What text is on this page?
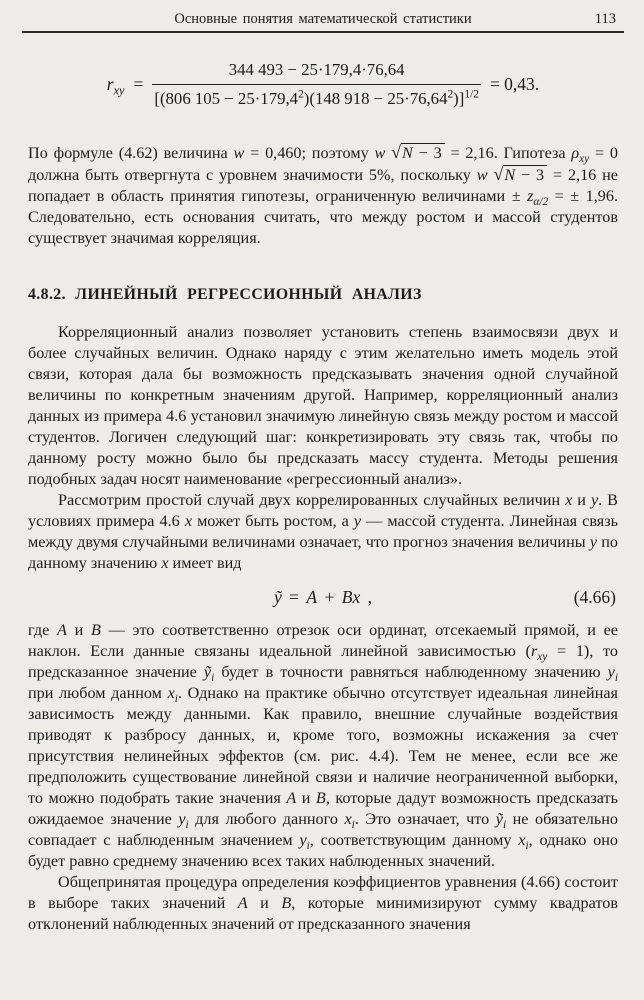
Основные понятия математической статистики	113
$r_{xy} = \frac{344 493 - 25\cdot 179,4\cdot 76,64}{[(806 105 - 25\cdot 179,4^2)(148 918 - 25\cdot 76,64^2)]^{1/2}} = 0,43$.

По формуле (4.62) величина w = 0,460; поэтому w √N − 3 = 2,16. Гипотеза $\rho_{xy} = 0$ должна быть отвергнута с уровнем значимости 5%, поскольку w √N − 3 = 2,16 не попадает в область принятия гипотезы, ограниченную величинами ± $z_{\alpha/2}$ = ± 1,96. Следовательно, есть основания считать, что между ростом и массой студентов существует значимая корреляция.

4.8.2. ЛИНЕЙНЫЙ РЕГРЕССИОННЫЙ АНАЛИЗ

Корреляционный анализ позволяет установить степень взаимосвязи двух и более случайных величин. Однако наряду с этим желательно иметь модель этой связи, которая дала бы возможность предсказывать значения одной случайной величины по конкретным значениям другой. Например, корреляционный анализ данных из примера 4.6 установил значимую линейную связь между ростом и массой студентов. Логичен следующий шаг: конкретизировать эту связь так, чтобы по данному росту можно было бы предсказать массу студента. Методы решения подобных задач носят наименование «регрессионный анализ».

Рассмотрим простой случай двух коррелированных случайных величин x и y. В условиях примера 4.6 x может быть ростом, а y — массой студента. Линейная связь между двумя случайными величинами означает, что прогноз значения величины y по данному значению x имеет вид

ỹ = A + Bx ,	(4.66)

где A и B — это соответственно отрезок оси ординат, отсекаемый прямой, и ее наклон. Если данные связаны идеальной линейной зависимостью $(r_{xy} = 1)$, то предсказанное значение ỹ$_i$ будет в точности равняться наблюденному значению $y_i$ при любом данном $x_i$. Однако на практике обычно отсутствует идеальная линейная зависимость между данными. Как правило, внешние случайные воздействия приводят к разбросу данных, и, кроме того, возможны искажения за счет присутствия нелинейных эффектов (см. рис. 4.4). Тем не менее, если все же предположить существование линейной связи и наличие неограниченной выборки, то можно подобрать такие значения A и B, которые дадут возможность предсказать ожидаемое значение $y_i$ для любого данного $x_i$. Это означает, что ỹ$_i$ не обязательно совпадает с наблюденным значением $y_i$, соответствующим данному $x_i$, однако оно будет равно среднему значению всех таких наблюденных значений.

Общепринятая процедура определения коэффициентов уравнения (4.66) состоит в выборе таких значений A и B, которые минимизируют сумму квадратов отклонений наблюденных значений от предсказанного значения
